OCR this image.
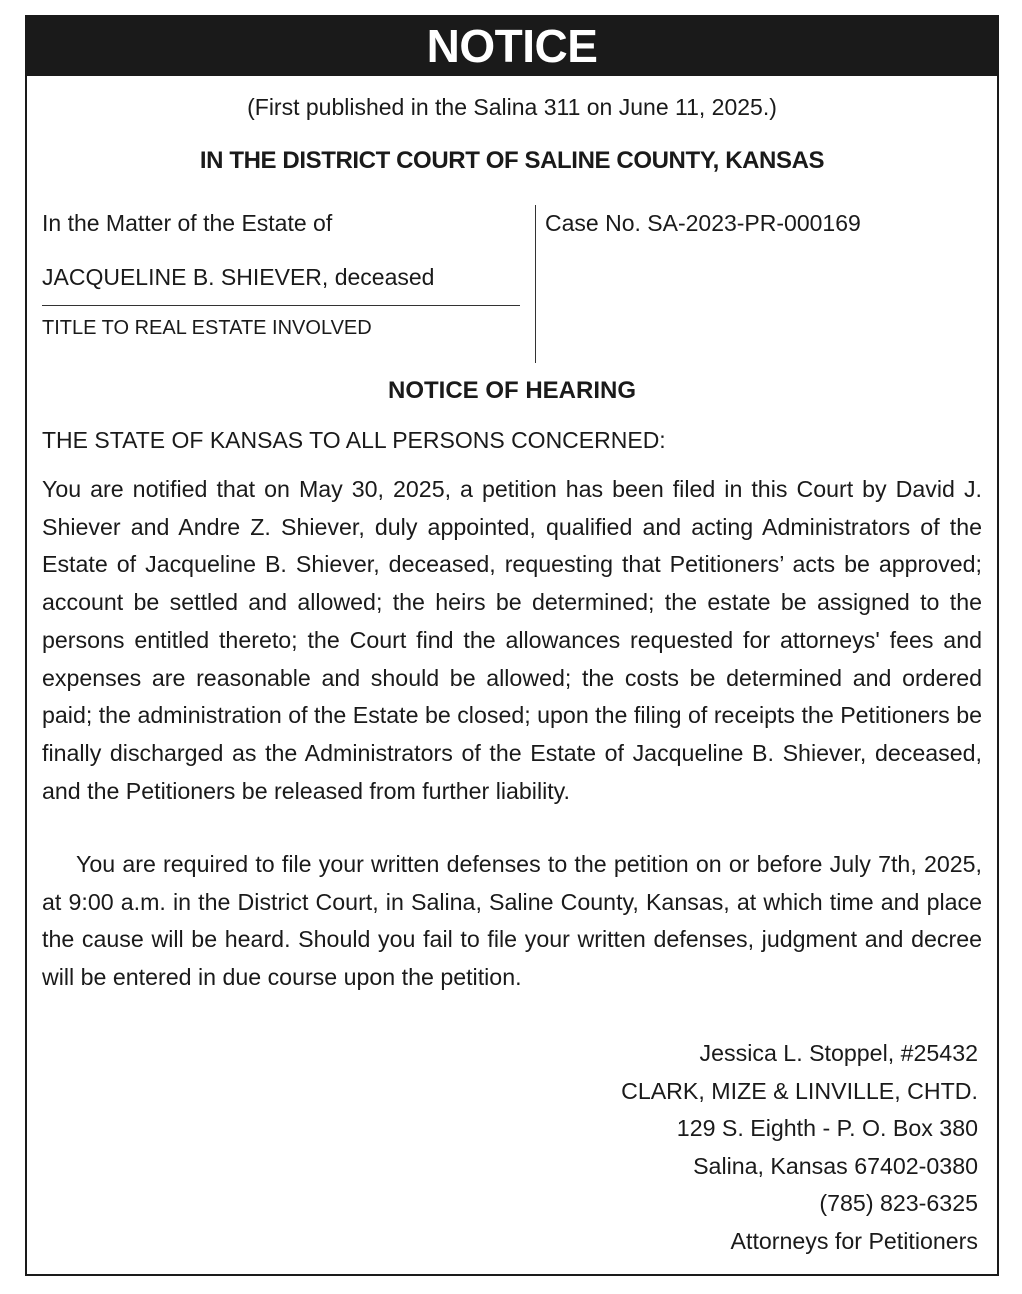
NOTICE
(First published in the Salina 311 on June 11, 2025.)
IN THE DISTRICT COURT OF SALINE COUNTY, KANSAS
In the Matter of the Estate of
JACQUELINE B. SHIEVER, deceased
TITLE TO REAL ESTATE INVOLVED
Case No. SA-2023-PR-000169
NOTICE OF HEARING
THE STATE OF KANSAS TO ALL PERSONS CONCERNED:
You are notified that on May 30, 2025, a petition has been filed in this Court by David J. Shiever and Andre Z. Shiever, duly appointed, qualified and acting Administrators of the Estate of Jacqueline B. Shiever, deceased, requesting that Petitioners’ acts be approved; account be settled and allowed; the heirs be determined; the estate be assigned to the persons entitled thereto; the Court find the allowances requested for attorneys' fees and expenses are reasonable and should be allowed; the costs be determined and ordered paid; the administration of the Estate be closed; upon the filing of receipts the Petitioners be finally discharged as the Administrators of the Estate of Jacqueline B. Shiever, deceased, and the Petitioners be released from further liability.
You are required to file your written defenses to the petition on or before July 7th, 2025, at 9:00 a.m. in the District Court, in Salina, Saline County, Kansas, at which time and place the cause will be heard. Should you fail to file your written defenses, judgment and decree will be entered in due course upon the petition.
Jessica L. Stoppel, #25432
CLARK, MIZE & LINVILLE, CHTD.
129 S. Eighth - P. O. Box 380
Salina, Kansas 67402-0380
(785) 823-6325
Attorneys for Petitioners
